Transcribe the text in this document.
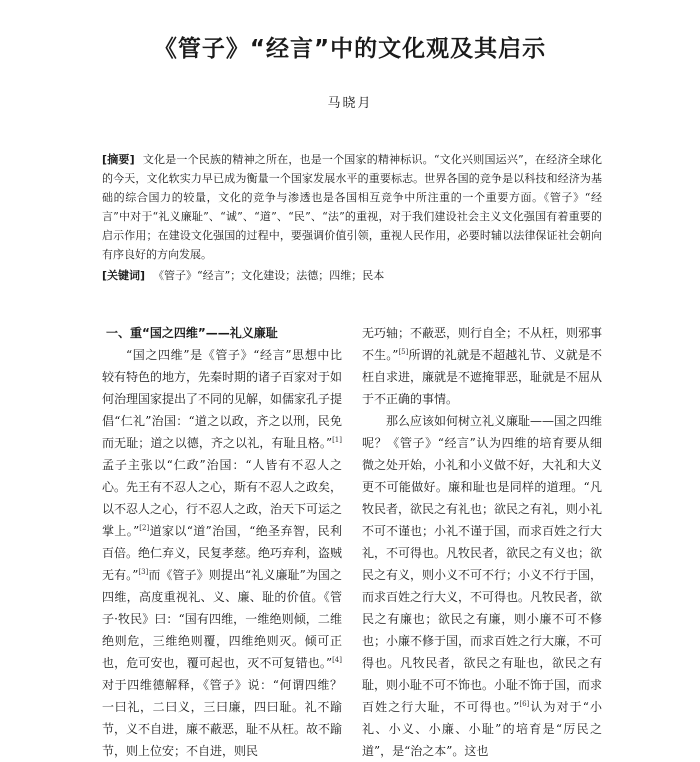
《管子》“经言”中的文化观及其启示
马晓月

[摘要] 文化是一个民族的精神之所在，也是一个国家的精神标识。“文化兴则国运兴”，在经济全球化的今天，文化软实力早已成为衡量一个国家发展水平的重要标志。世界各国的竞争是以科技和经济为基础的综合国力的较量，文化的竞争与渗透也是各国相互竞争中所注重的一个重要方面。《管子》“经言”中对于“礼义廉耻”、“诚”、“道”、“民”、“法”的重视，对于我们建设社会主义文化强国有着重要的启示作用；在建设文化强国的过程中，要强调价值引领，重视人民作用，必要时辅以法律保证社会朝向有序良好的方向发展。

[关键词] 《管子》“经言”；文化建设；法德；四维；民本

一、重“国之四维”——礼义廉耻

“国之四维”是《管子》“经言”思想中比较有特色的地方，先秦时期的诸子百家对于如何治理国家提出了不同的见解，如儒家孔子提倡“仁礼”治国：“道之以政，齐之以刑，民免而无耻；道之以德，齐之以礼，有耻且格。”[1]孟子主张以“仁政”治国：“人皆有不忍人之心。先王有不忍人之心，斯有不忍人之政矣，以不忍人之心，行不忍人之政，治天下可运之掌上。”[2]道家以“道”治国，“绝圣弃智，民利百倍。绝仁弃义，民复孝慈。绝巧弃利，盗贼无有。”[3]而《管子》则提出“礼义廉耻”为国之四维，高度重视礼、义、廉、耻的价值。《管子·牧民》曰：“国有四维，一维绝则倾，二维绝则危，三维绝则覆，四维绝则灭。倾可正也，危可安也，覆可起也，灭不可复错也。”[4]对于四维德解释，《管子》说：“何谓四维？一曰礼，二曰义，三曰廉，四曰耻。礼不踰节，义不自进，廉不蔽恶，耻不从枉。故不踰节，则上位安；不自进，则民

无巧轴；不蔽恶，则行自全；不从枉，则邪事不生。”[5]所谓的礼就是不超越礼节、义就是不枉自求进，廉就是不遮掩罪恶，耻就是不屈从于不正确的事情。

那么应该如何树立礼义廉耻——国之四维呢？《管子》“经言”认为四维的培育要从细微之处开始，小礼和小义做不好，大礼和大义更不可能做好。廉和耻也是同样的道理。“凡牧民者，欲民之有礼也；欲民之有礼，则小礼不可不谨也；小礼不谨于国，而求百姓之行大礼，不可得也。凡牧民者，欲民之有义也；欲民之有义，则小义不可不行；小义不行于国，而求百姓之行大义，不可得也。凡牧民者，欲民之有廉也；欲民之有廉，则小廉不可不修也；小廉不修于国，而求百姓之行大廉，不可得也。凡牧民者，欲民之有耻也，欲民之有耻，则小耻不可不饰也。小耻不饰于国，而求百姓之行大耻，不可得也。”[6]认为对于“小礼、小义、小廉、小耻”的培育是“厉民之道”，是“治之本”。这也
